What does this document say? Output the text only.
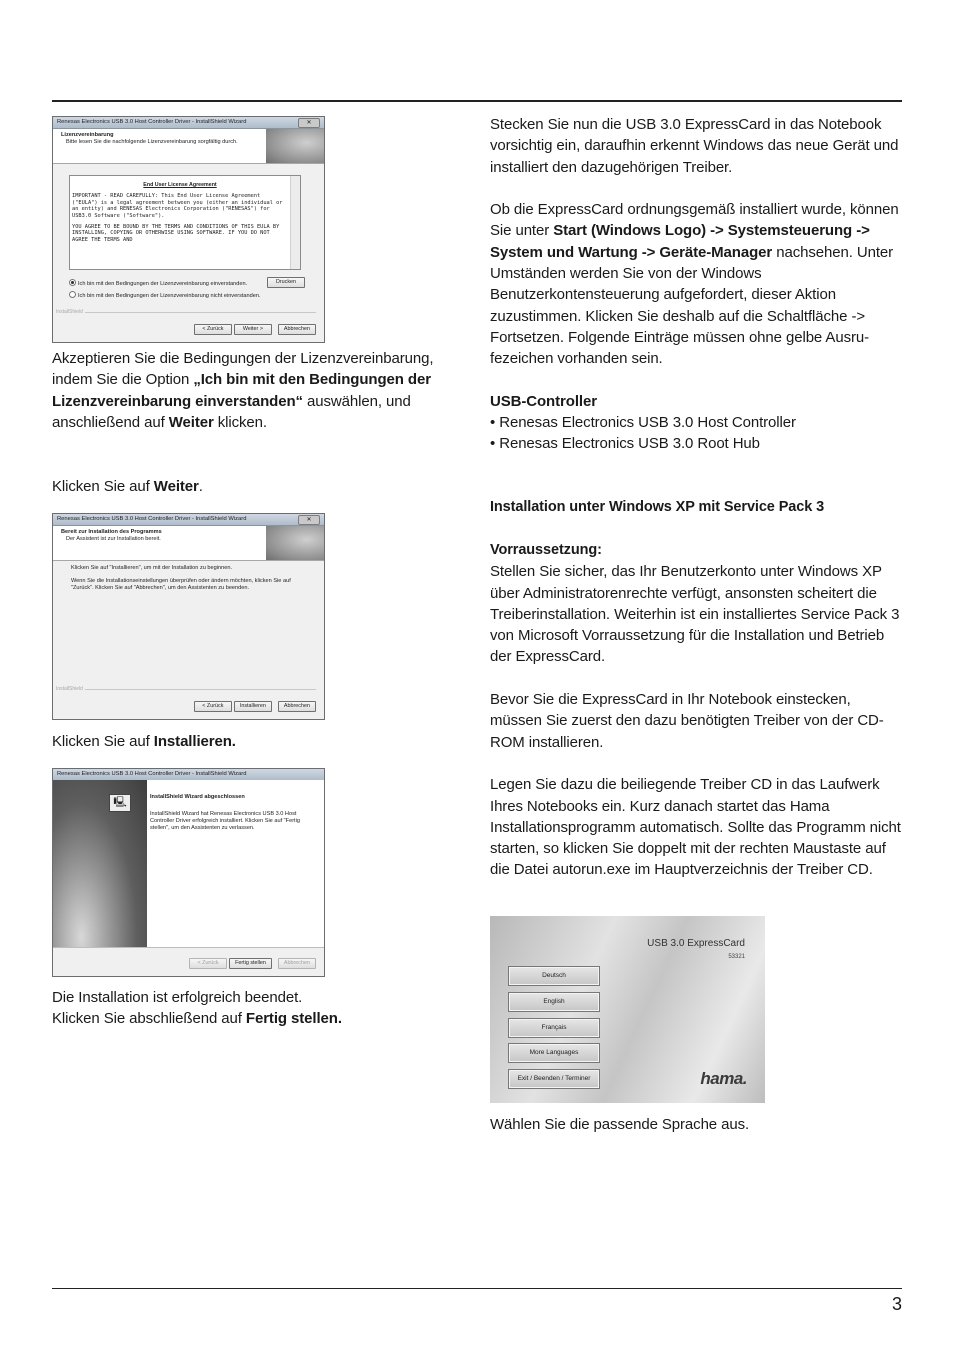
Renesas Electronics USB 3.0 Host Controller Driver - InstallShield Wizard	✕
Lizenzvereinbarung
Bitte lesen Sie die nachfolgende Lizenzvereinbarung sorgfältig durch.
End User License Agreement
IMPORTANT - READ CAREFULLY: This End User License Agreement ("EULA") is a legal agreement between you (either an individual or an entity) and RENESAS Electronics Corporation ("RENESAS") for USB3.0 Software ("Software").
YOU AGREE TO BE BOUND BY THE TERMS AND CONDITIONS OF THIS EULA BY INSTALLING, COPYING OR OTHERWISE USING SOFTWARE. IF YOU DO NOT AGREE THE TERMS AND
Ich bin mit den Bedingungen der Lizenzvereinbarung einverstanden.
Ich bin mit den Bedingungen der Lizenzvereinbarung nicht einverstanden.
Drucken
InstallShield
< Zurück	Weiter >	Abbrechen

Akzeptieren Sie die Bedingungen der Lizenzvereinbarung, indem Sie die Option „Ich bin mit den Bedingungen der Lizenzvereinbarung einverstanden“ auswählen, und anschließend auf Weiter klicken.

Klicken Sie auf Weiter.

Renesas Electronics USB 3.0 Host Controller Driver - InstallShield Wizard	✕
Bereit zur Installation des Programms
Der Assistent ist zur Installation bereit.
Klicken Sie auf "Installieren", um mit der Installation zu beginnen.
Wenn Sie die Installationseinstellungen überprüfen oder ändern möchten, klicken Sie auf "Zurück". Klicken Sie auf "Abbrechen", um den Assistenten zu beenden.
InstallShield
< Zurück	Installieren	Abbrechen

Klicken Sie auf Installieren.

Renesas Electronics USB 3.0 Host Controller Driver - InstallShield Wizard
🖳	InstallShield Wizard abgeschlossen
InstallShield Wizard hat Renesas Electronics USB 3.0 Host Controller Driver erfolgreich installiert. Klicken Sie auf "Fertig stellen", um den Assistenten zu verlassen.
< Zurück	Fertig stellen	Abbrechen

Die Installation ist erfolgreich beendet.

Klicken Sie abschließend auf Fertig stellen.

Stecken Sie nun die USB 3.0 ExpressCard in das Notebook vorsichtig ein, daraufhin erkennt Windows das neue Gerät und installiert den dazugehörigen Treiber.

Ob die ExpressCard ordnungsgemäß installiert wurde, können Sie unter Start (Windows Logo) -> Systemsteuerung -> System und Wartung -> Geräte-Manager nachsehen. Unter Umständen werden Sie von der Windows Benutzerkontensteuerung aufgefordert, dieser Aktion zuzustimmen. Klicken Sie deshalb auf die Schaltfläche -> Fortsetzen. Folgende Einträge müssen ohne gelbe Ausrufezeichen vorhanden sein.

USB-Controller

• Renesas Electronics USB 3.0 Host Controller

• Renesas Electronics USB 3.0 Root Hub

Installation unter Windows XP mit Service Pack 3

Vorraussetzung:

Stellen Sie sicher, das Ihr Benutzerkonto unter Windows XP über Administratorenrechte verfügt, ansonsten scheitert die Treiberinstallation. Weiterhin ist ein installiertes Service Pack 3 von Microsoft Vorraussetzung für die Installation und Betrieb der ExpressCard.

Bevor Sie die ExpressCard in Ihr Notebook einstecken, müssen Sie zuerst den dazu benötigten Treiber von der CD-ROM installieren.

Legen Sie dazu die beiliegende Treiber CD in das Laufwerk Ihres Notebooks ein. Kurz danach startet das Hama Installationsprogramm automatisch. Sollte das Programm nicht starten, so klicken Sie doppelt mit der rechten Maustaste auf die Datei autorun.exe im Hauptverzeichnis der Treiber CD.

USB 3.0 ExpressCard
53321
Deutsch
English
Français
More Languages
Exit / Beenden / Terminer	hama.

Wählen Sie die passende Sprache aus.

3
